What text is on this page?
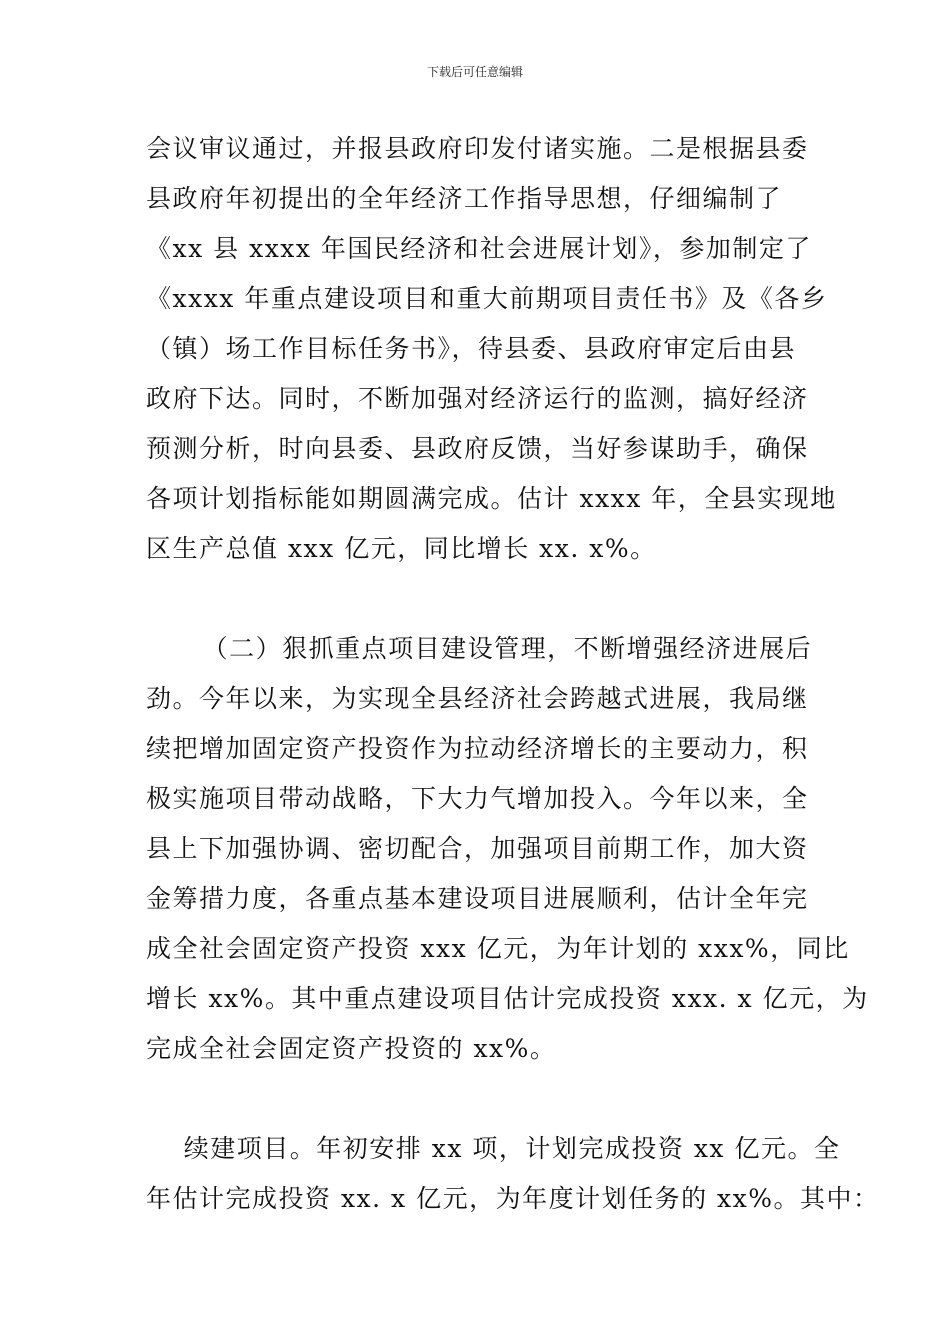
下载后可任意编辑

会议审议通过，并报县政府印发付诸实施。二是根据县委
县政府年初提出的全年经济工作指导思想，仔细编制了
《xx 县 xxxx 年国民经济和社会进展计划》，参加制定了
《xxxx 年重点建设项目和重大前期项目责任书》及《各乡
（镇）场工作目标任务书》，待县委、县政府审定后由县
政府下达。同时，不断加强对经济运行的监测，搞好经济
预测分析，时向县委、县政府反馈，当好参谋助手，确保
各项计划指标能如期圆满完成。估计 xxxx 年，全县实现地
区生产总值 xxx 亿元，同比增长 xx. x%。

（二）狠抓重点项目建设管理，不断增强经济进展后
劲。今年以来，为实现全县经济社会跨越式进展，我局继
续把增加固定资产投资作为拉动经济增长的主要动力，积
极实施项目带动战略，下大力气增加投入。今年以来，全
县上下加强协调、密切配合，加强项目前期工作，加大资
金筹措力度，各重点基本建设项目进展顺利，估计全年完
成全社会固定资产投资 xxx 亿元，为年计划的 xxx%，同比
增长 xx%。其中重点建设项目估计完成投资 xxx. x 亿元，为
完成全社会固定资产投资的 xx%。

续建项目。年初安排 xx 项，计划完成投资 xx 亿元。全
年估计完成投资 xx. x 亿元，为年度计划任务的 xx%。其中：
